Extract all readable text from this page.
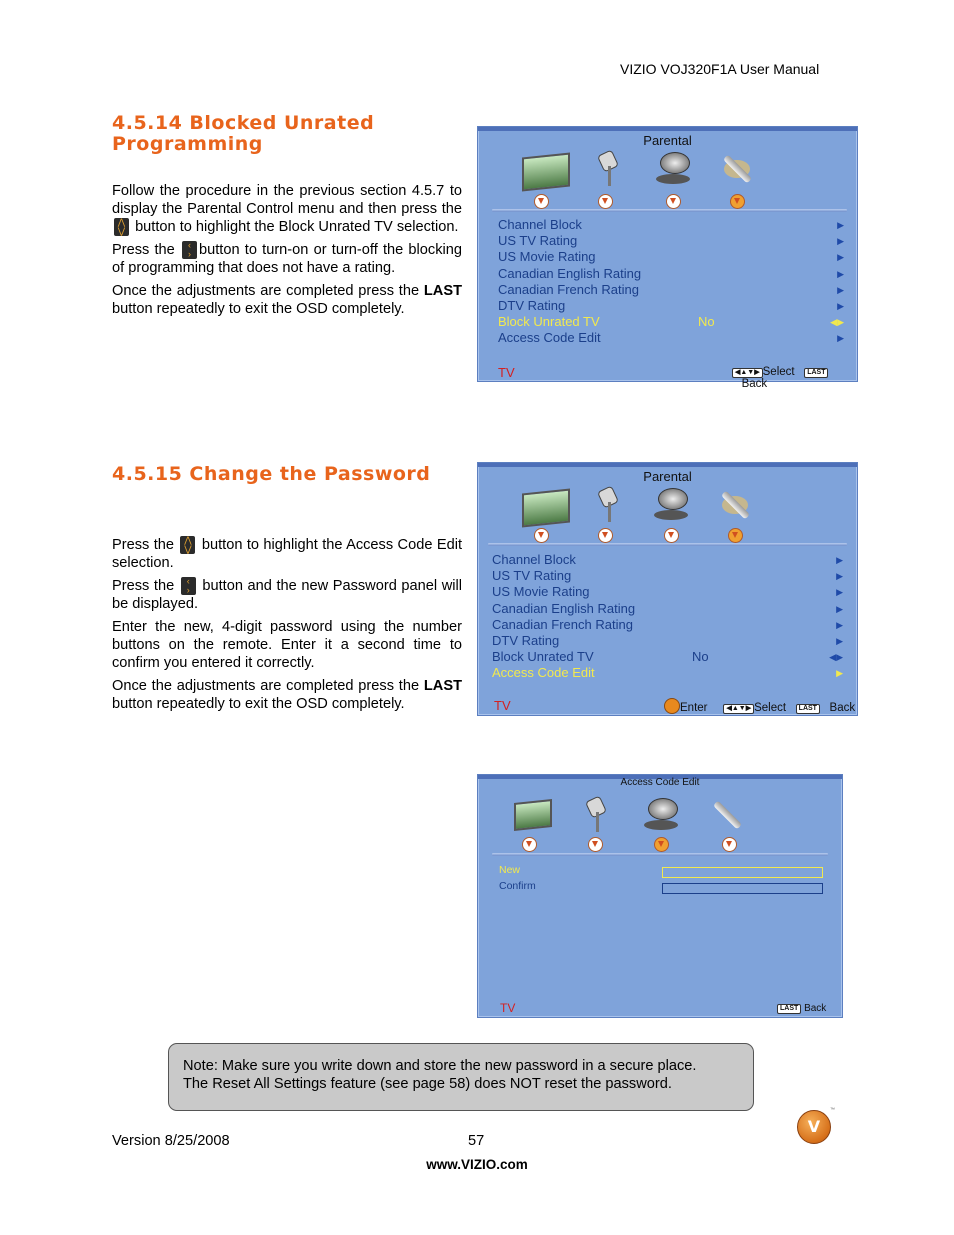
VIZIO VOJ320F1A User Manual
4.5.14 Blocked Unrated Programming

Follow the procedure in the previous section 4.5.7 to display the Parental Control menu and then press the ⋀
⋁ button to highlight the Block Unrated TV selection.

Press the ‹
› button to turn-on or turn-off the blocking of programming that does not have a rating.

Once the adjustments are completed press the LAST button repeatedly to exit the OSD completely.

Parental
Channel Block	▶
US TV Rating	▶
US Movie Rating	▶
Canadian English Rating	▶
Canadian French Rating	▶
DTV Rating	▶
Block Unrated TV	No	◀▶
Access Code Edit	▶
TV	◀▲▼▶ Select LAST   Back
4.5.15 Change the Password

Press the ⋀
⋁ button to highlight the Access Code Edit selection.

Press the ‹
› button and the new Password panel will be displayed.

Enter the new, 4-digit password using the number buttons on the remote. Enter it a second time to confirm you entered it correctly.

Once the adjustments are completed press the LAST button repeatedly to exit the OSD completely.

Parental
Channel Block	▶
US TV Rating	▶
US Movie Rating	▶
Canadian English Rating	▶
Canadian French Rating	▶
DTV Rating	▶
Block Unrated TV	No	◀▶
Access Code Edit	▶
TV	Enter	◀▲▼▶ Select LAST Back
Access Code Edit
New
Confirm
TV	LAST Back
Note: Make sure you write down and store the new password in a secure place.
The Reset All Settings feature (see page 58) does NOT reset the password.
Version 8/25/2008	57
V
™
www.VIZIO.com
